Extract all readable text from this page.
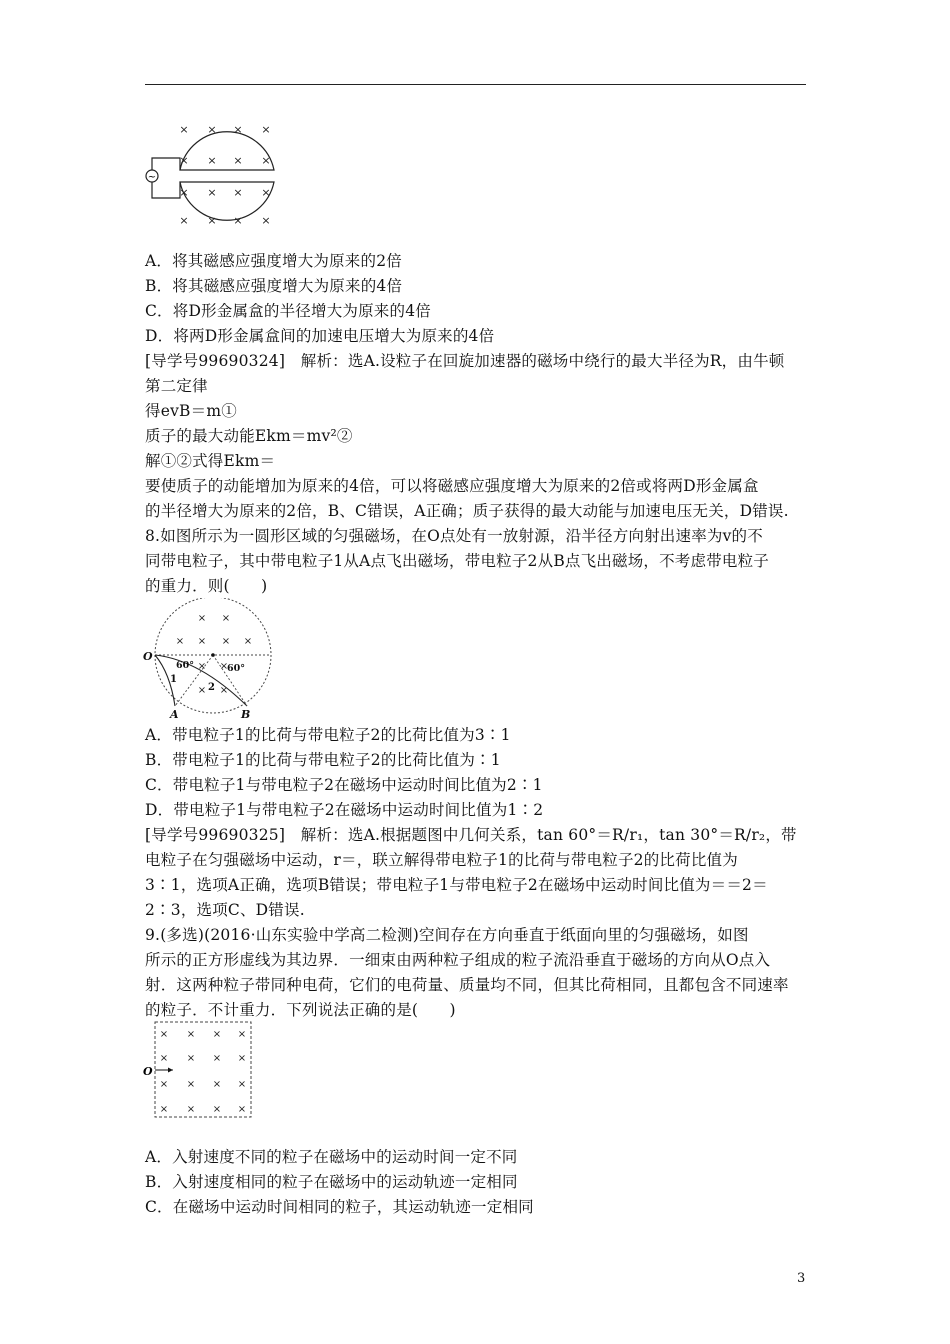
~
× × × ×
× × × ×
× × × ×
× × × ×
A．将其磁感应强度增大为原来的2倍
B．将其磁感应强度增大为原来的4倍
C．将D形金属盒的半径增大为原来的4倍
D．将两D形金属盒间的加速电压增大为原来的4倍
[导学号99690324]　解析：选A.设粒子在回旋加速器的磁场中绕行的最大半径为R，由牛顿
第二定律
得evB＝m①
质子的最大动能Ekm＝mv²②
解①②式得Ekm＝
要使质子的动能增加为原来的4倍，可以将磁感应强度增大为原来的2倍或将两D形金属盒
的半径增大为原来的2倍，B、C错误，A正确；质子获得的最大动能与加速电压无关，D错误.
8.如图所示为一圆形区域的匀强磁场，在O点处有一放射源，沿半径方向射出速率为v的不
同带电粒子，其中带电粒子1从A点飞出磁场，带电粒子2从B点飞出磁场，不考虑带电粒子
的重力．则(　　)
× ×
× × × ×
× ×
× ×
O
A	B
60°	60°
1
2
A．带电粒子1的比荷与带电粒子2的比荷比值为3∶1
B．带电粒子1的比荷与带电粒子2的比荷比值为∶1
C．带电粒子1与带电粒子2在磁场中运动时间比值为2∶1
D．带电粒子1与带电粒子2在磁场中运动时间比值为1∶2
[导学号99690325]　解析：选A.根据题图中几何关系，tan 60°＝R/r₁，tan 30°＝R/r₂，带
电粒子在匀强磁场中运动，r＝，联立解得带电粒子1的比荷与带电粒子2的比荷比值为
3∶1，选项A正确，选项B错误；带电粒子1与带电粒子2在磁场中运动时间比值为＝＝2＝
2∶3，选项C、D错误.
9.(多选)(2016·山东实验中学高二检测)空间存在方向垂直于纸面向里的匀强磁场，如图
所示的正方形虚线为其边界．一细束由两种粒子组成的粒子流沿垂直于磁场的方向从O点入
射．这两种粒子带同种电荷，它们的电荷量、质量均不同，但其比荷相同，且都包含不同速率
的粒子．不计重力．下列说法正确的是(　　)
O
× × × ×
× × × ×
× × × ×
× × × ×
A．入射速度不同的粒子在磁场中的运动时间一定不同
B．入射速度相同的粒子在磁场中的运动轨迹一定相同
C．在磁场中运动时间相同的粒子，其运动轨迹一定相同
3
